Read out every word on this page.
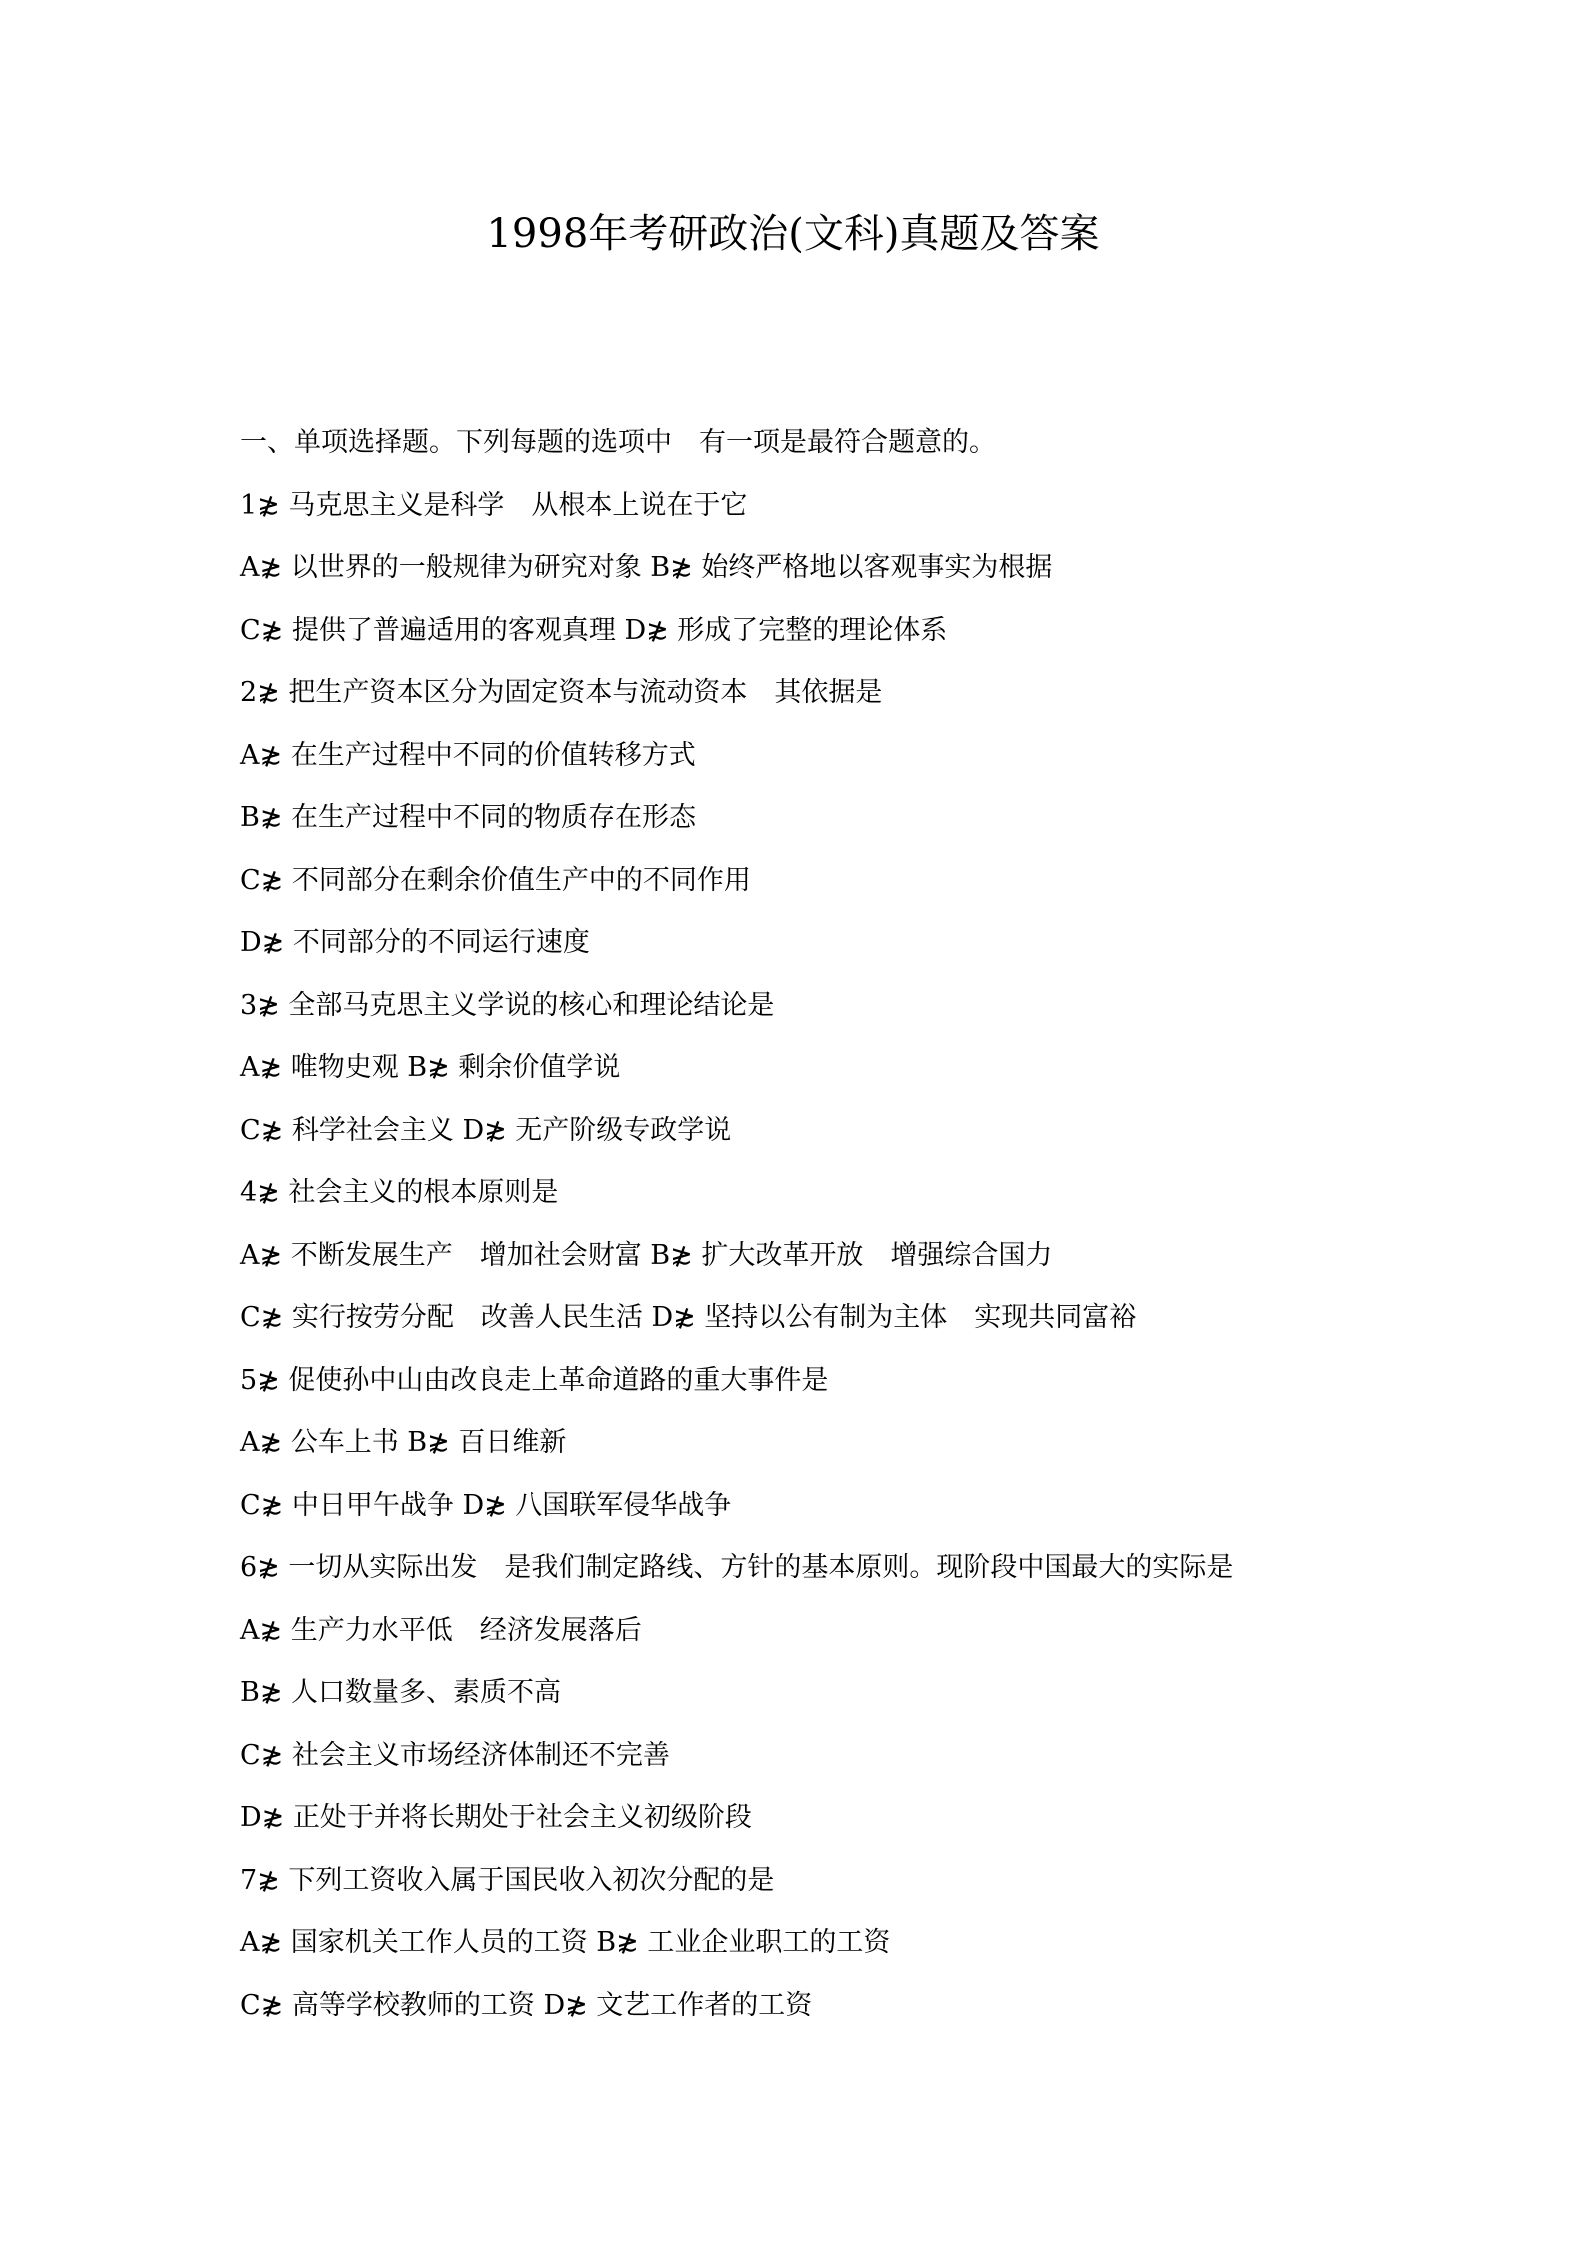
1998年考研政治(文科)真题及答案
一、单项选择题。下列每题的选项中　有一项是最符合题意的。
1≵ 马克思主义是科学　从根本上说在于它
A≵ 以世界的一般规律为研究对象 B≵ 始终严格地以客观事实为根据
C≵ 提供了普遍适用的客观真理 D≵ 形成了完整的理论体系
2≵ 把生产资本区分为固定资本与流动资本　其依据是
A≵ 在生产过程中不同的价值转移方式
B≵ 在生产过程中不同的物质存在形态
C≵ 不同部分在剩余价值生产中的不同作用
D≵ 不同部分的不同运行速度
3≵ 全部马克思主义学说的核心和理论结论是
A≵ 唯物史观 B≵ 剩余价值学说
C≵ 科学社会主义 D≵ 无产阶级专政学说
4≵ 社会主义的根本原则是
A≵ 不断发展生产　增加社会财富 B≵ 扩大改革开放　增强综合国力
C≵ 实行按劳分配　改善人民生活 D≵ 坚持以公有制为主体　实现共同富裕
5≵ 促使孙中山由改良走上革命道路的重大事件是
A≵ 公车上书 B≵ 百日维新
C≵ 中日甲午战争 D≵ 八国联军侵华战争
6≵ 一切从实际出发　是我们制定路线、方针的基本原则。现阶段中国最大的实际是
A≵ 生产力水平低　经济发展落后
B≵ 人口数量多、素质不高
C≵ 社会主义市场经济体制还不完善
D≵ 正处于并将长期处于社会主义初级阶段
7≵ 下列工资收入属于国民收入初次分配的是
A≵ 国家机关工作人员的工资 B≵ 工业企业职工的工资
C≵ 高等学校教师的工资 D≵ 文艺工作者的工资
